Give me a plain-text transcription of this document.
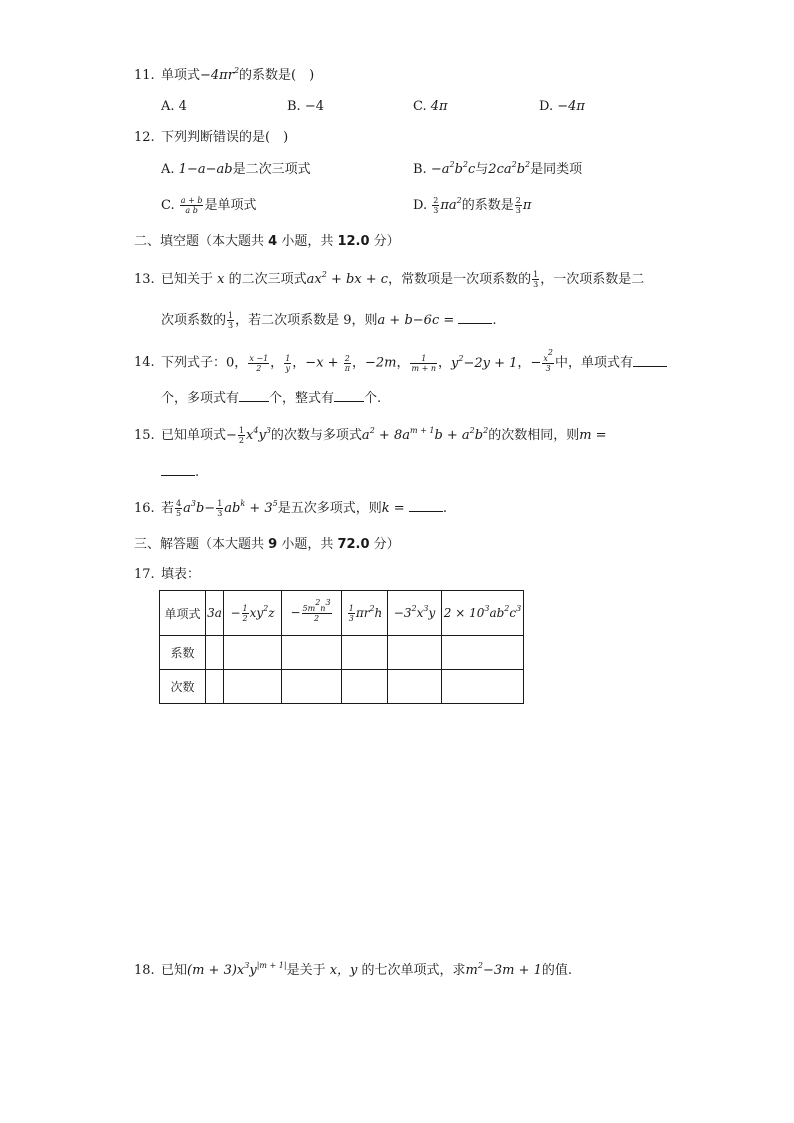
11. 单项式$-4\pi r^2$的系数是(　)
A. 4	B. −4	C. 4π	D. −4π
12. 下列判断错误的是(　)
A. 1−a−ab是二次三项式	B. $-a^2b^2c$与$2ca^2b^2$是同类项
C. $\frac{a + b}{\text{a b}}$ 是单项式	D. $\frac{2}{3} \pi a^2$的系数是 $\frac{2}{3}$ π
二、填空题（本大题共 4 小题，共 12.0 分）
13. 已知关于 x 的二次三项式$ax^2$ + bx + c，常数项是一次项系数的 $\frac{1}{3}$ ，一次项系数是二
次项系数的 $\frac{1}{3}$ ，若二次项系数是 9，则a + b−6c =	.
14. 下列式子：0， $\frac{x -1}{2}$ ， $\frac{1}{y}$ ，$-x + \frac{2}{\pi}$ ，−2m， $\frac{1}{m + n}$ ，$y^2-2y + 1$，− $\frac{x^2}{3}$ 中，单项式有
个，多项式有 个，整式有 个.
15. 已知单项式− $\frac{1}{2} x^4y^3$的次数与多项式$a^2 + 8a^{m + 1}b + a^2b^2$的次数相同，则m =
.
16. 若 $\frac{4}{5} a^3b- \frac{1}{3} ab^k + 3^5$是五次多项式，则k =	.
三、解答题（本大题共 9 小题，共 72.0 分）
17. 填表：
单项式	3a	− $\frac{1}{2} xy^2z$	− $\frac{5m^2n^3}{2}$	$\frac{1}{3} \pi r^2h$	$-3^2x^3y$	$2 \times 10^3ab^2c^3$
系数						
次数						
18. 已知$(m + 3)x^3y^{|m + 1|}$是关于 x，y 的七次单项式，求$m^2-3m + 1$的值.
